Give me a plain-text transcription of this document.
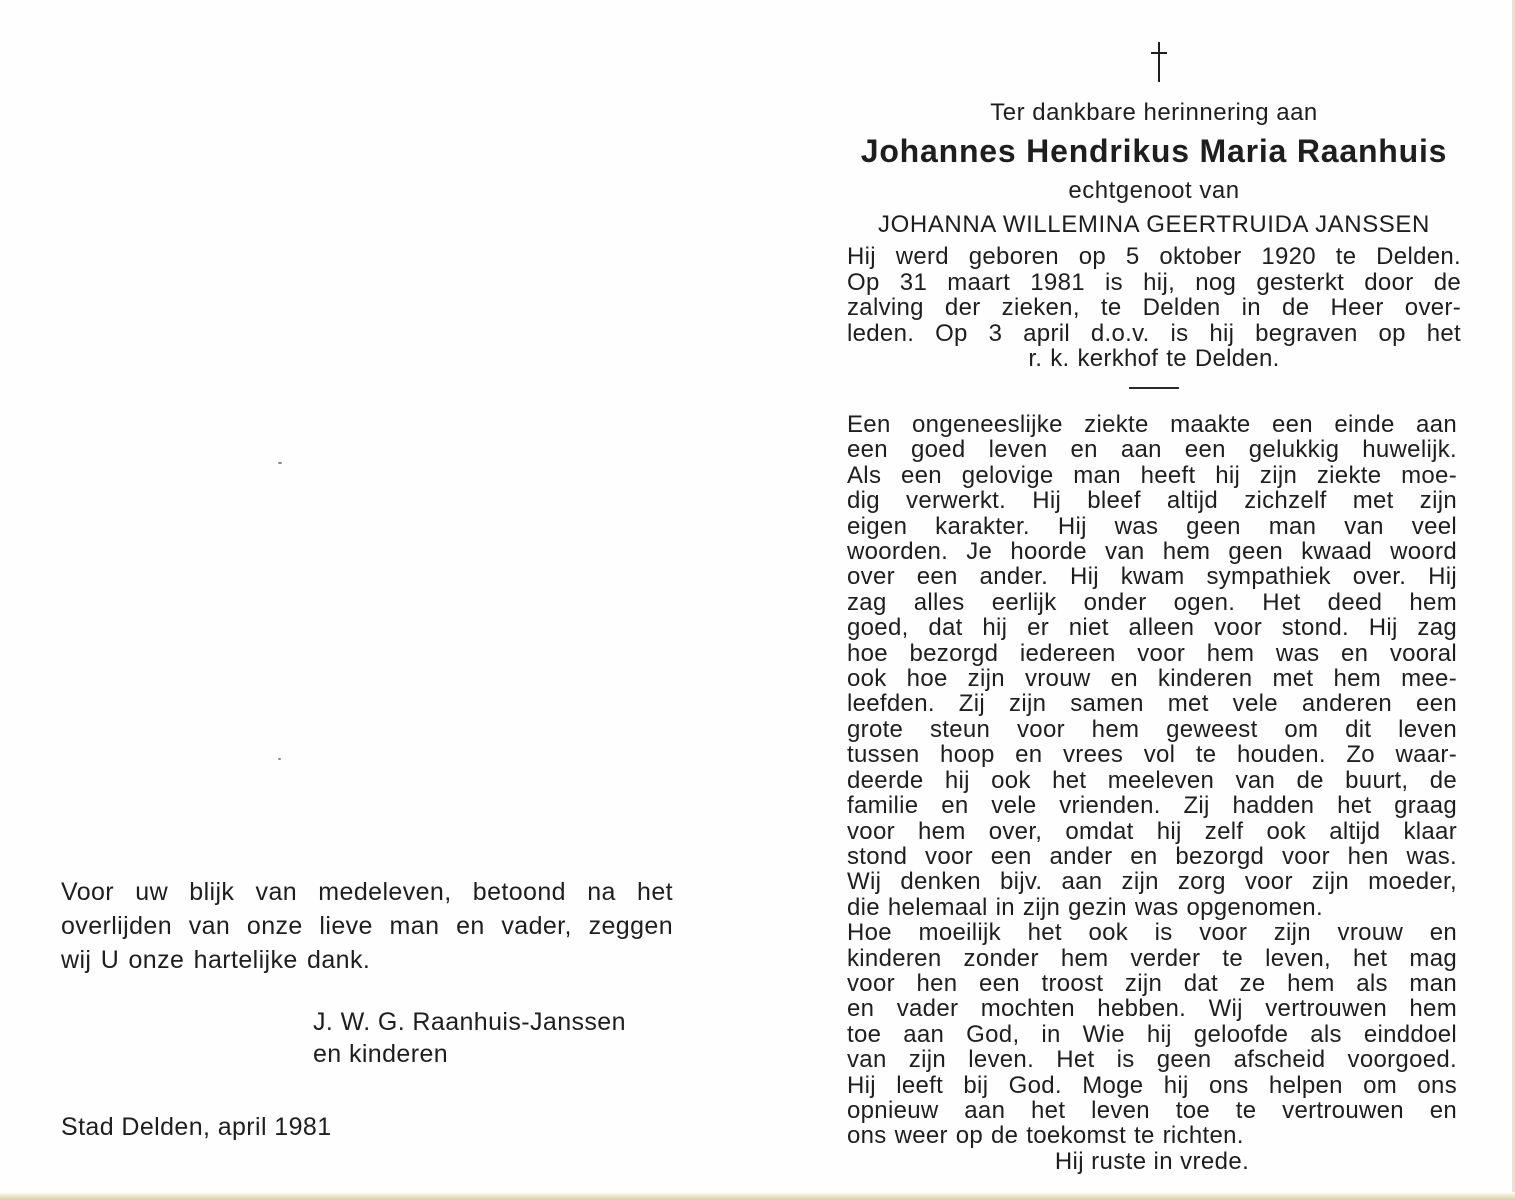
Voor uw blijk van medeleven, betoond na het
overlijden van onze lieve man en vader, zeggen
wij U onze hartelijke dank.
J. W. G. Raanhuis-Janssen
en kinderen
Stad Delden, april 1981
Ter dankbare herinnering aan
Johannes Hendrikus Maria Raanhuis
echtgenoot van
JOHANNA WILLEMINA GEERTRUIDA JANSSEN
Hij werd geboren op 5 oktober 1920 te Delden.
Op 31 maart 1981 is hij, nog gesterkt door de
zalving der zieken, te Delden in de Heer over-
leden. Op 3 april d.o.v. is hij begraven op het
r. k. kerkhof te Delden.
Een ongeneeslijke ziekte maakte een einde aan
een goed leven en aan een gelukkig huwelijk.
Als een gelovige man heeft hij zijn ziekte moe-
dig verwerkt. Hij bleef altijd zichzelf met zijn
eigen karakter. Hij was geen man van veel
woorden. Je hoorde van hem geen kwaad woord
over een ander. Hij kwam sympathiek over. Hij
zag alles eerlijk onder ogen. Het deed hem
goed, dat hij er niet alleen voor stond. Hij zag
hoe bezorgd iedereen voor hem was en vooral
ook hoe zijn vrouw en kinderen met hem mee-
leefden. Zij zijn samen met vele anderen een
grote steun voor hem geweest om dit leven
tussen hoop en vrees vol te houden. Zo waar-
deerde hij ook het meeleven van de buurt, de
familie en vele vrienden. Zij hadden het graag
voor hem over, omdat hij zelf ook altijd klaar
stond voor een ander en bezorgd voor hen was.
Wij denken bijv. aan zijn zorg voor zijn moeder,
die helemaal in zijn gezin was opgenomen.
Hoe moeilijk het ook is voor zijn vrouw en
kinderen zonder hem verder te leven, het mag
voor hen een troost zijn dat ze hem als man
en vader mochten hebben. Wij vertrouwen hem
toe aan God, in Wie hij geloofde als einddoel
van zijn leven. Het is geen afscheid voorgoed.
Hij leeft bij God. Moge hij ons helpen om ons
opnieuw aan het leven toe te vertrouwen en
ons weer op de toekomst te richten.
Hij ruste in vrede.
